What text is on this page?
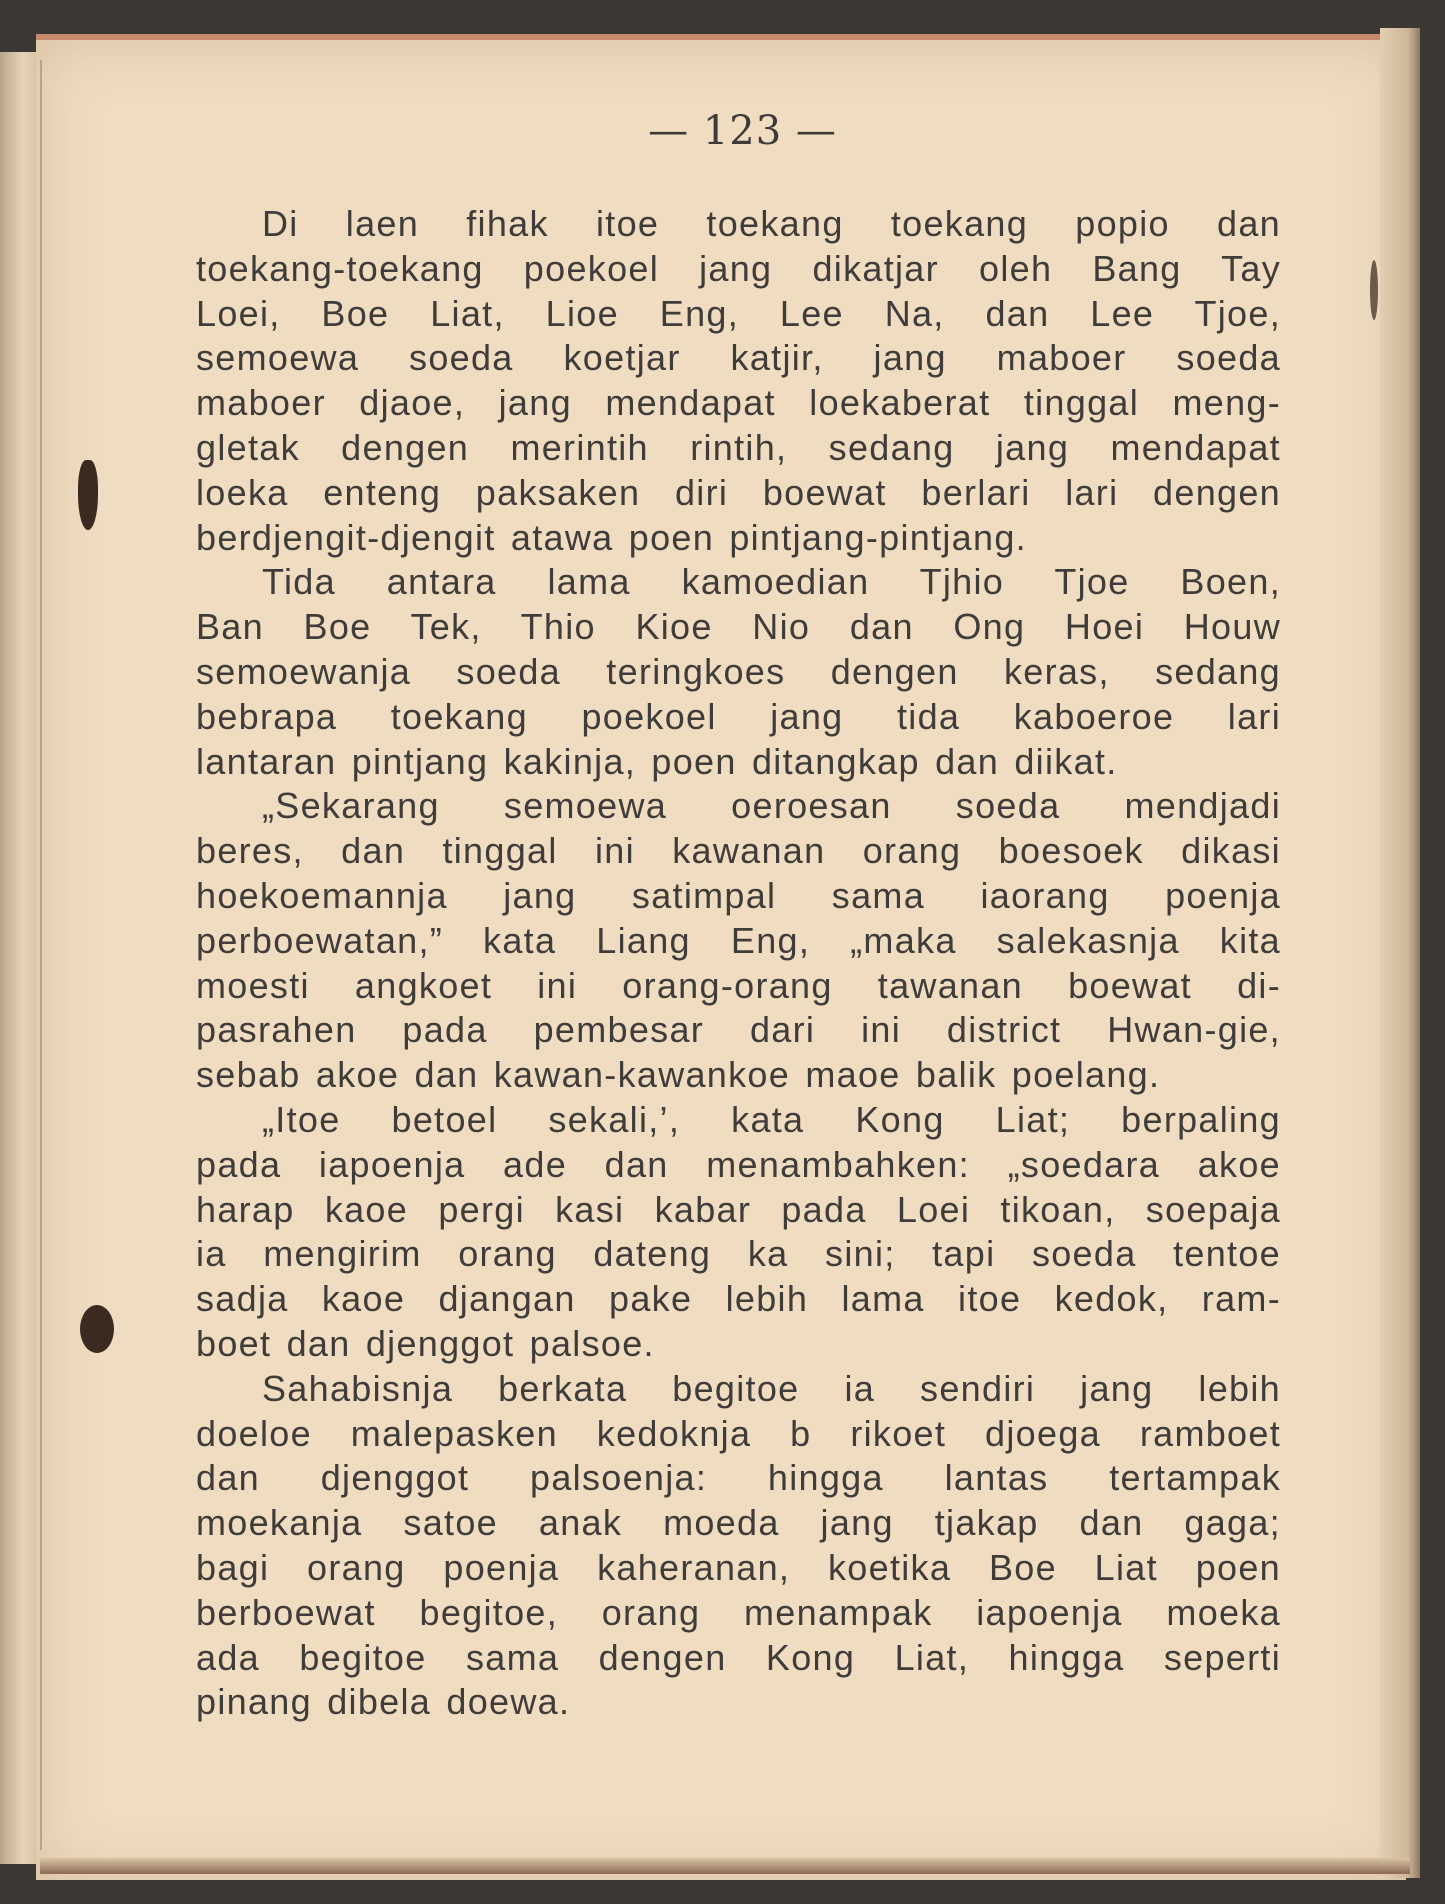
— 123 —
Di laen fihak itoe toekang toekang popio dan
toekang-toekang poekoel jang dikatjar oleh Bang Tay
Loei, Boe Liat, Lioe Eng, Lee Na, dan Lee Tjoe,
semoewa soeda koetjar katjir, jang maboer soeda
maboer djaoe, jang mendapat loekaberat tinggal meng-
gletak dengen merintih rintih, sedang jang mendapat
loeka enteng paksaken diri boewat berlari lari dengen
berdjengit-djengit atawa poen pintjang-pintjang.
Tida antara lama kamoedian Tjhio Tjoe Boen,
Ban Boe Tek, Thio Kioe Nio dan Ong Hoei Houw
semoewanja soeda teringkoes dengen keras, sedang
bebrapa toekang poekoel jang tida kaboeroe lari
lantaran pintjang kakinja, poen ditangkap dan diikat.
„Sekarang semoewa oeroesan soeda mendjadi
beres, dan tinggal ini kawanan orang boesoek dikasi
hoekoemannja jang satimpal sama iaorang poenja
perboewatan,” kata Liang Eng, „maka salekasnja kita
moesti angkoet ini orang-orang tawanan boewat di-
pasrahen pada pembesar dari ini district Hwan-gie,
sebab akoe dan kawan-kawankoe maoe balik poelang.
„Itoe betoel sekali,’, kata Kong Liat; berpaling
pada iapoenja ade dan menambahken: „soedara akoe
harap kaoe pergi kasi kabar pada Loei tikoan, soepaja
ia mengirim orang dateng ka sini; tapi soeda tentoe
sadja kaoe djangan pake lebih lama itoe kedok, ram-
boet dan djenggot palsoe.
Sahabisnja berkata begitoe ia sendiri jang lebih
doeloe malepasken kedoknja b rikoet djoega ramboet
dan djenggot palsoenja: hingga lantas tertampak
moekanja satoe anak moeda jang tjakap dan gaga;
bagi orang poenja kaheranan, koetika Boe Liat poen
berboewat begitoe, orang menampak iapoenja moeka
ada begitoe sama dengen Kong Liat, hingga seperti
pinang dibela doewa.
